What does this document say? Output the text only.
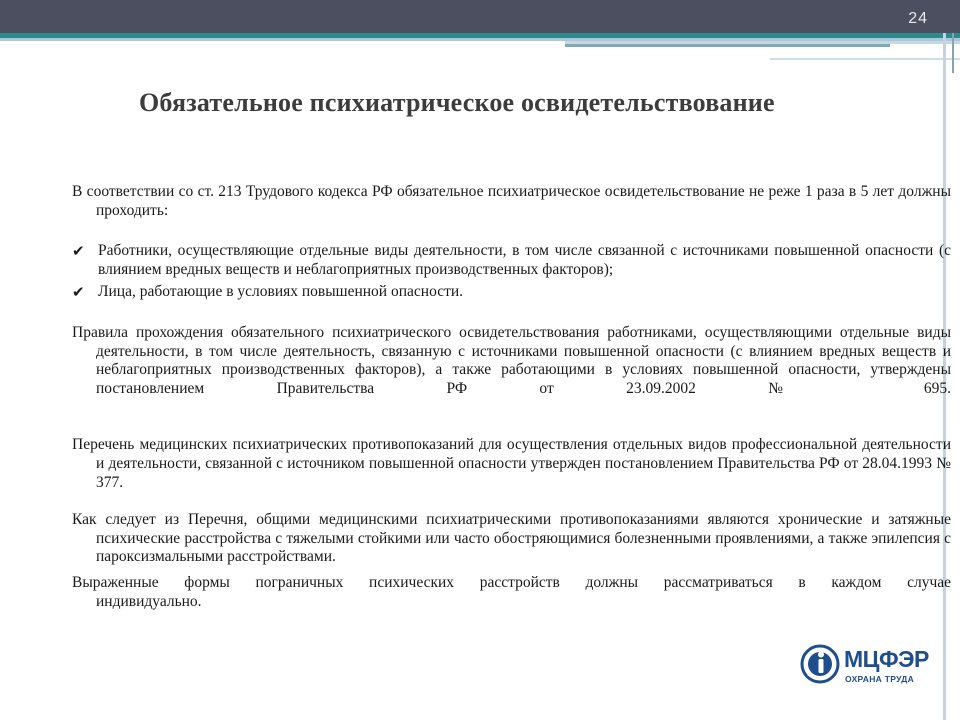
24
Обязательное психиатрическое освидетельствование

В соответствии со ст. 213 Трудового кодекса РФ обязательное психиатрическое освидетельствование не реже 1 раза в 5 лет должны проходить:

✔ Работники, осуществляющие отдельные виды деятельности, в том числе связанной с источниками повышенной опасности (с влиянием вредных веществ и неблагоприятных производственных факторов);

✔ Лица, работающие в условиях повышенной опасности.

Правила прохождения обязательного психиатрического освидетельствования работниками, осуществляющими отдельные виды деятельности, в том числе деятельность, связанную с источниками повышенной опасности (с влиянием вредных веществ и неблагоприятных производственных факторов), а также работающими в условиях повышенной опасности, утверждены постановлением Правительства РФ от 23.09.2002 № 695.

Перечень медицинских психиатрических противопоказаний для осуществления отдельных видов профессиональной деятельности и деятельности, связанной с источником повышенной опасности утвержден постановлением Правительства РФ от 28.04.1993 № 377.

Как следует из Перечня, общими медицинскими психиатрическими противопоказаниями являются хронические и затяжные психические расстройства с тяжелыми стойкими или часто обостряющимися болезненными проявлениями, а также эпилепсия с пароксизмальными расстройствами.

Выраженные формы пограничных психических расстройств должны рассматриваться в каждом случае
индивидуально.

МЦФЭР
ОХРАНА ТРУДА
